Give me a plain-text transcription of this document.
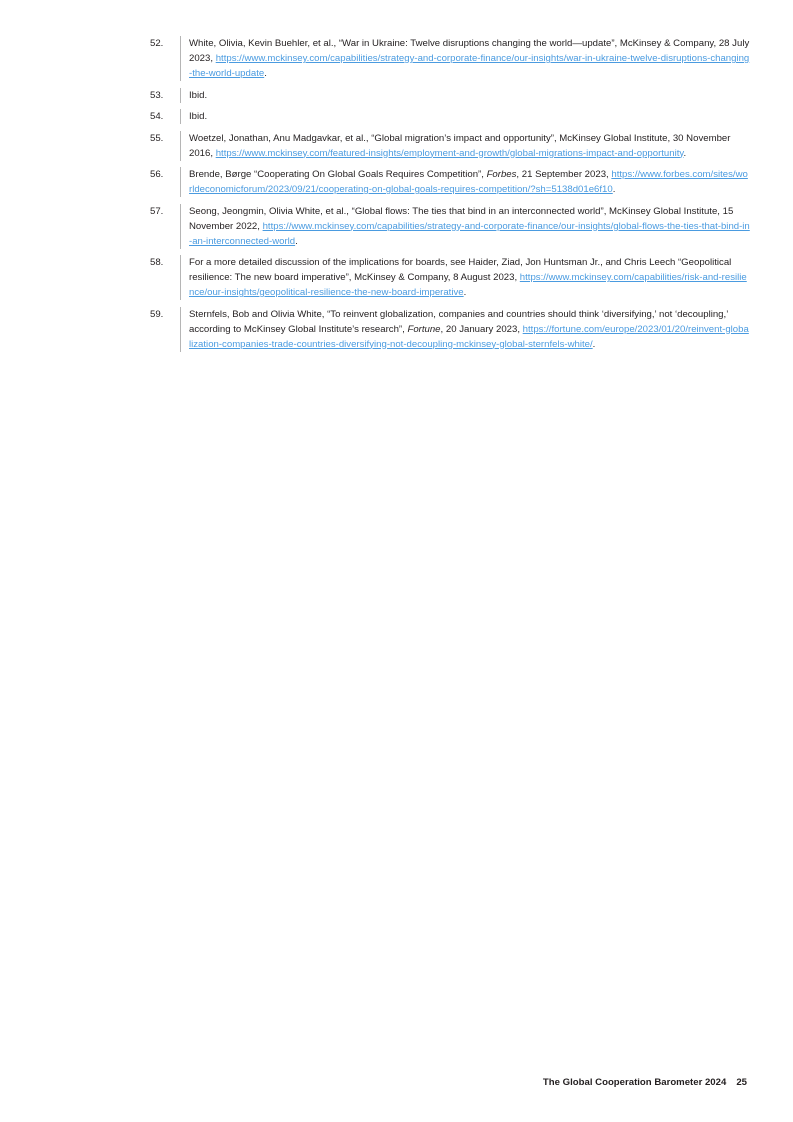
52.	White, Olivia, Kevin Buehler, et al., “War in Ukraine: Twelve disruptions changing the world—update”, McKinsey & Company, 28 July 2023, https://www.mckinsey.com/capabilities/strategy-and-corporate-finance/our-insights/war-in-ukraine-twelve-disruptions-changing-the-world-update.
53.	Ibid.
54.	Ibid.
55.	Woetzel, Jonathan, Anu Madgavkar, et al., “Global migration’s impact and opportunity”, McKinsey Global Institute, 30 November 2016, https://www.mckinsey.com/featured-insights/employment-and-growth/global-migrations-impact-and-opportunity.
56.	Brende, Børge “Cooperating On Global Goals Requires Competition”, Forbes, 21 September 2023, https://www.forbes.com/sites/worldeconomicforum/2023/09/21/cooperating-on-global-goals-requires-competition/?sh=5138d01e6f10.
57.	Seong, Jeongmin, Olivia White, et al., “Global flows: The ties that bind in an interconnected world”, McKinsey Global Institute, 15 November 2022, https://www.mckinsey.com/capabilities/strategy-and-corporate-finance/our-insights/global-flows-the-ties-that-bind-in-an-interconnected-world.
58.	For a more detailed discussion of the implications for boards, see Haider, Ziad, Jon Huntsman Jr., and Chris Leech “Geopolitical resilience: The new board imperative”, McKinsey & Company, 8 August 2023, https://www.mckinsey.com/capabilities/risk-and-resilience/our-insights/geopolitical-resilience-the-new-board-imperative.
59.	Sternfels, Bob and Olivia White, “To reinvent globalization, companies and countries should think ‘diversifying,’ not ‘decoupling,’ according to McKinsey Global Institute’s research”, Fortune, 20 January 2023, https://fortune.com/europe/2023/01/20/reinvent-globalization-companies-trade-countries-diversifying-not-decoupling-mckinsey-global-sternfels-white/.
The Global Cooperation Barometer 2024 25
